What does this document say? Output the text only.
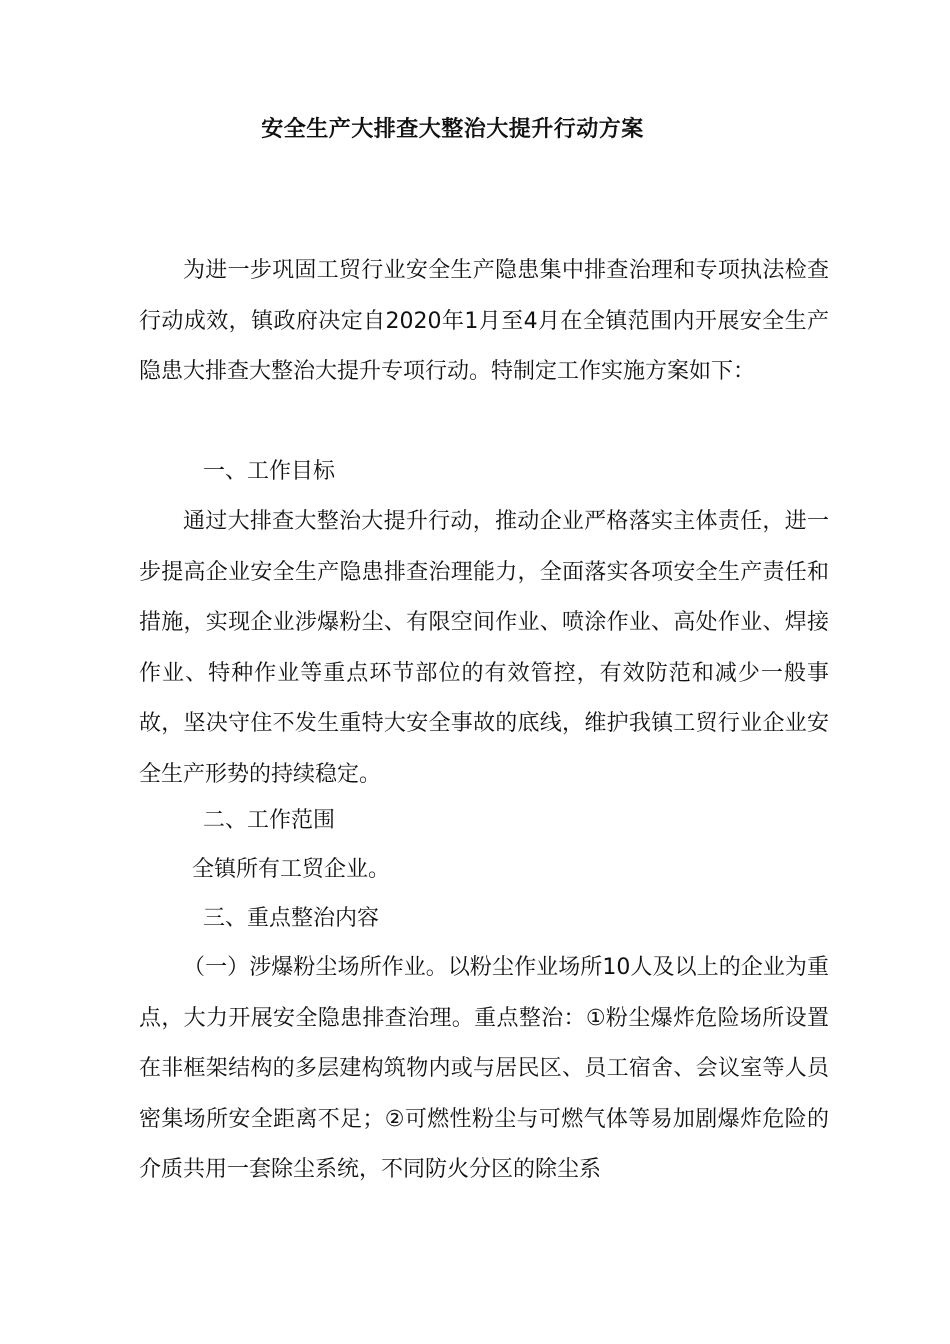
安全生产大排查大整治大提升行动方案

为进一步巩固工贸行业安全生产隐患集中排查治理和专项执法检查行动成效，镇政府决定自2020年1月至4月在全镇范围内开展安全生产隐患大排查大整治大提升专项行动。特制定工作实施方案如下：

一、工作目标

通过大排查大整治大提升行动，推动企业严格落实主体责任，进一步提高企业安全生产隐患排查治理能力，全面落实各项安全生产责任和措施，实现企业涉爆粉尘、有限空间作业、喷涂作业、高处作业、焊接作业、特种作业等重点环节部位的有效管控，有效防范和减少一般事故，坚决守住不发生重特大安全事故的底线，维护我镇工贸行业企业安全生产形势的持续稳定。

二、工作范围

全镇所有工贸企业。

三、重点整治内容

（一）涉爆粉尘场所作业。以粉尘作业场所10人及以上的企业为重点，大力开展安全隐患排查治理。重点整治：①粉尘爆炸危险场所设置在非框架结构的多层建构筑物内或与居民区、员工宿舍、会议室等人员密集场所安全距离不足；②可燃性粉尘与可燃气体等易加剧爆炸危险的介质共用一套除尘系统，不同防火分区的除尘系
